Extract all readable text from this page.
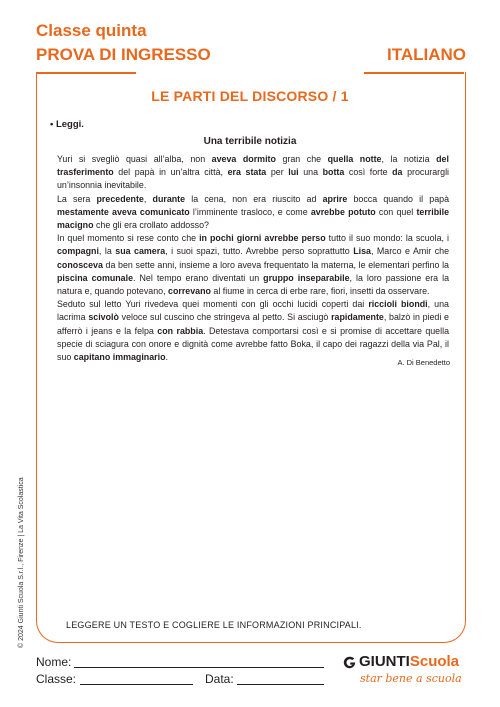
Classe quinta
PROVA DI INGRESSO	ITALIANO
LE PARTI DEL DISCORSO / 1
• Leggi.
Una terribile notizia

Yuri si svegliò quasi all’alba, non aveva dormito gran che quella notte, la notizia del trasferimento del papà in un’altra città, era stata per lui una botta così forte da procurargli un’insonnia inevitabile.

La sera precedente, durante la cena, non era riuscito ad aprire bocca quando il papà mestamente aveva comunicato l’imminente trasloco, e come avrebbe potuto con quel terribile macigno che gli era crollato addosso?

In quel momento si rese conto che in pochi giorni avrebbe perso tutto il suo mondo: la scuola, i compagni, la sua camera, i suoi spazi, tutto. Avrebbe perso soprattutto Lisa, Marco e Amir che conosceva da ben sette anni, insieme a loro aveva frequentato la materna, le elementari perfino la piscina comunale. Nel tempo erano diventati un gruppo inseparabile, la loro passione era la natura e, quando potevano, correvano al fiume in cerca di erbe rare, fiori, insetti da osservare.

Seduto sul letto Yuri rivedeva quei momenti con gli occhi lucidi coperti dai riccioli biondi, una lacrima scivolò veloce sul cuscino che stringeva al petto. Si asciugò rapidamente, balzò in piedi e afferrò i jeans e la felpa con rabbia. Detestava comportarsi così e si promise di accettare quella specie di sciagura con onore e dignità come avrebbe fatto Boka, il capo dei ragazzi della via Pal, il suo capitano immaginario.

A. Di Benedetto
LEGGERE UN TESTO E COGLIERE LE INFORMAZIONI PRINCIPALI.
© 2024 Giunti Scuola S.r.l., Firenze | La Vita Scolastica
Nome:
Classe:	Data:
GIUNTIScuola
star bene a scuola
